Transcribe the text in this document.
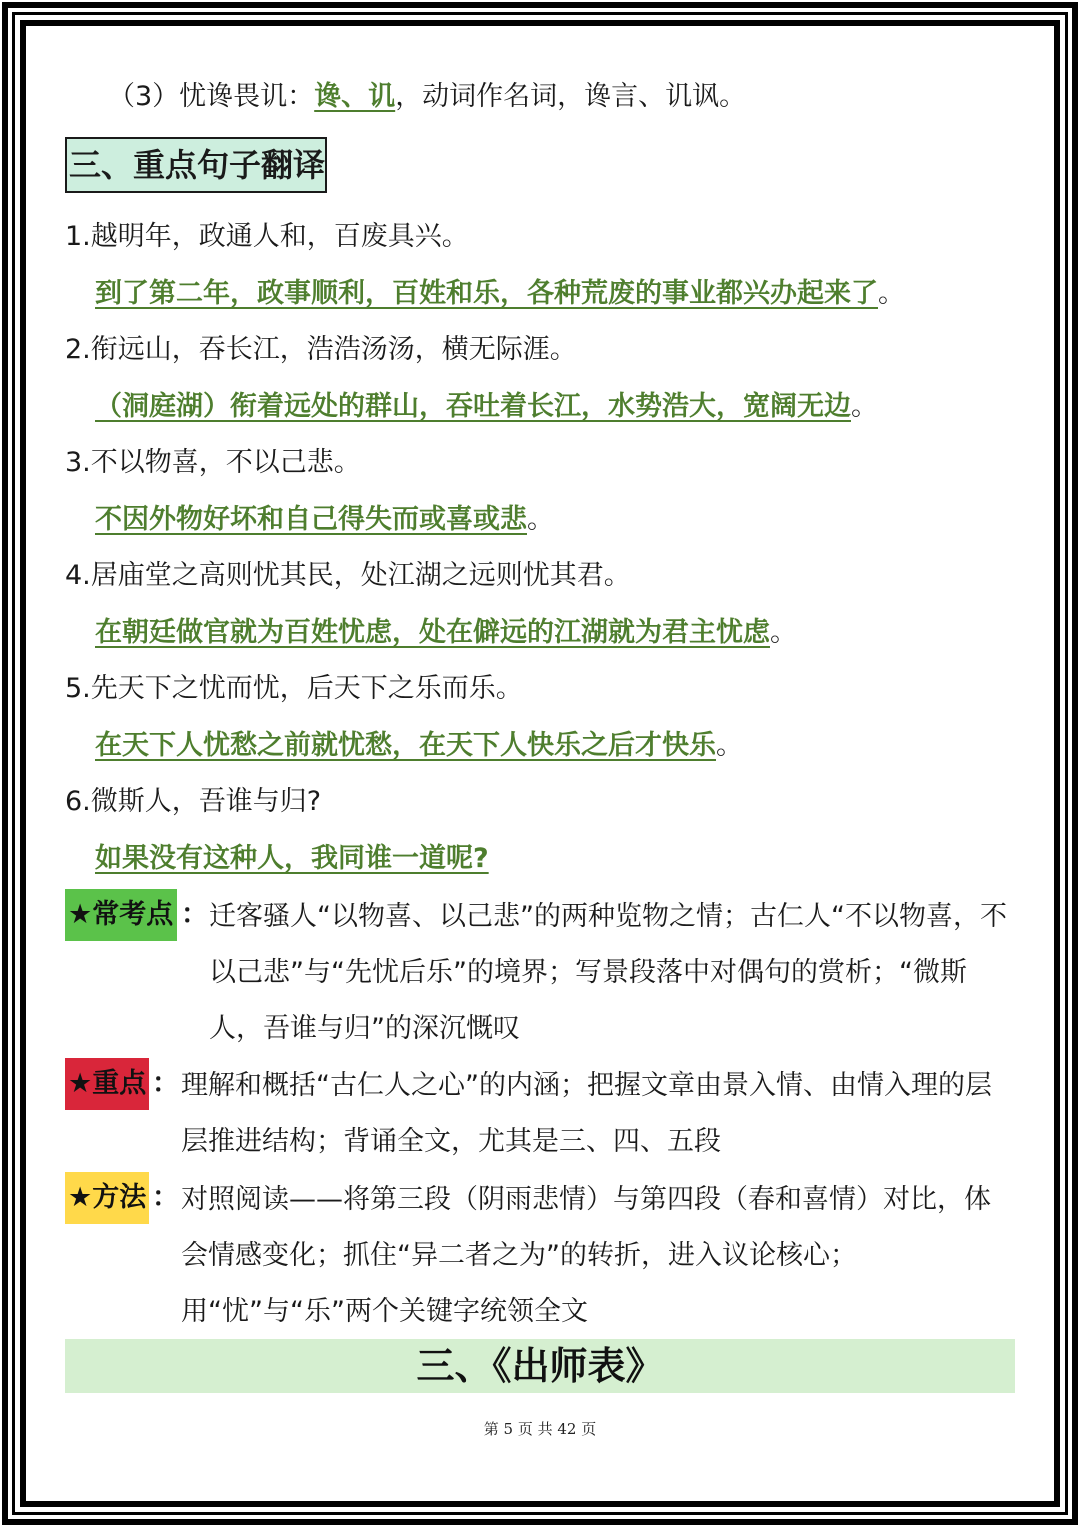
（3）忧谗畏讥：谗、讥，动词作名词，谗言、讥讽。
三、重点句子翻译
1.越明年，政通人和，百废具兴。
到了第二年，政事顺利，百姓和乐，各种荒废的事业都兴办起来了。
2.衔远山，吞长江，浩浩汤汤，横无际涯。
（洞庭湖）衔着远处的群山，吞吐着长江，水势浩大，宽阔无边。
3.不以物喜，不以己悲。
不因外物好坏和自己得失而或喜或悲。
4.居庙堂之高则忧其民，处江湖之远则忧其君。
在朝廷做官就为百姓忧虑，处在僻远的江湖就为君主忧虑。
5.先天下之忧而忧，后天下之乐而乐。
在天下人忧愁之前就忧愁，在天下人快乐之后才快乐。
6.微斯人，吾谁与归?
如果没有这种人，我同谁一道呢?
★常考点 ： 迁客骚人“以物喜、以己悲”的两种览物之情；古仁人“不以物喜，不以己悲”与“先忧后乐”的境界；写景段落中对偶句的赏析；“微斯人，吾谁与归”的深沉慨叹
★重点 ： 理解和概括“古仁人之心”的内涵；把握文章由景入情、由情入理的层层推进结构；背诵全文，尤其是三、四、五段
★方法 ： 对照阅读——将第三段（阴雨悲情）与第四段（春和喜情）对比，体会情感变化；抓住“异二者之为”的转折，进入议论核心；用“忧”与“乐”两个关键字统领全文
三、《出师表》
第 5 页 共 42 页
